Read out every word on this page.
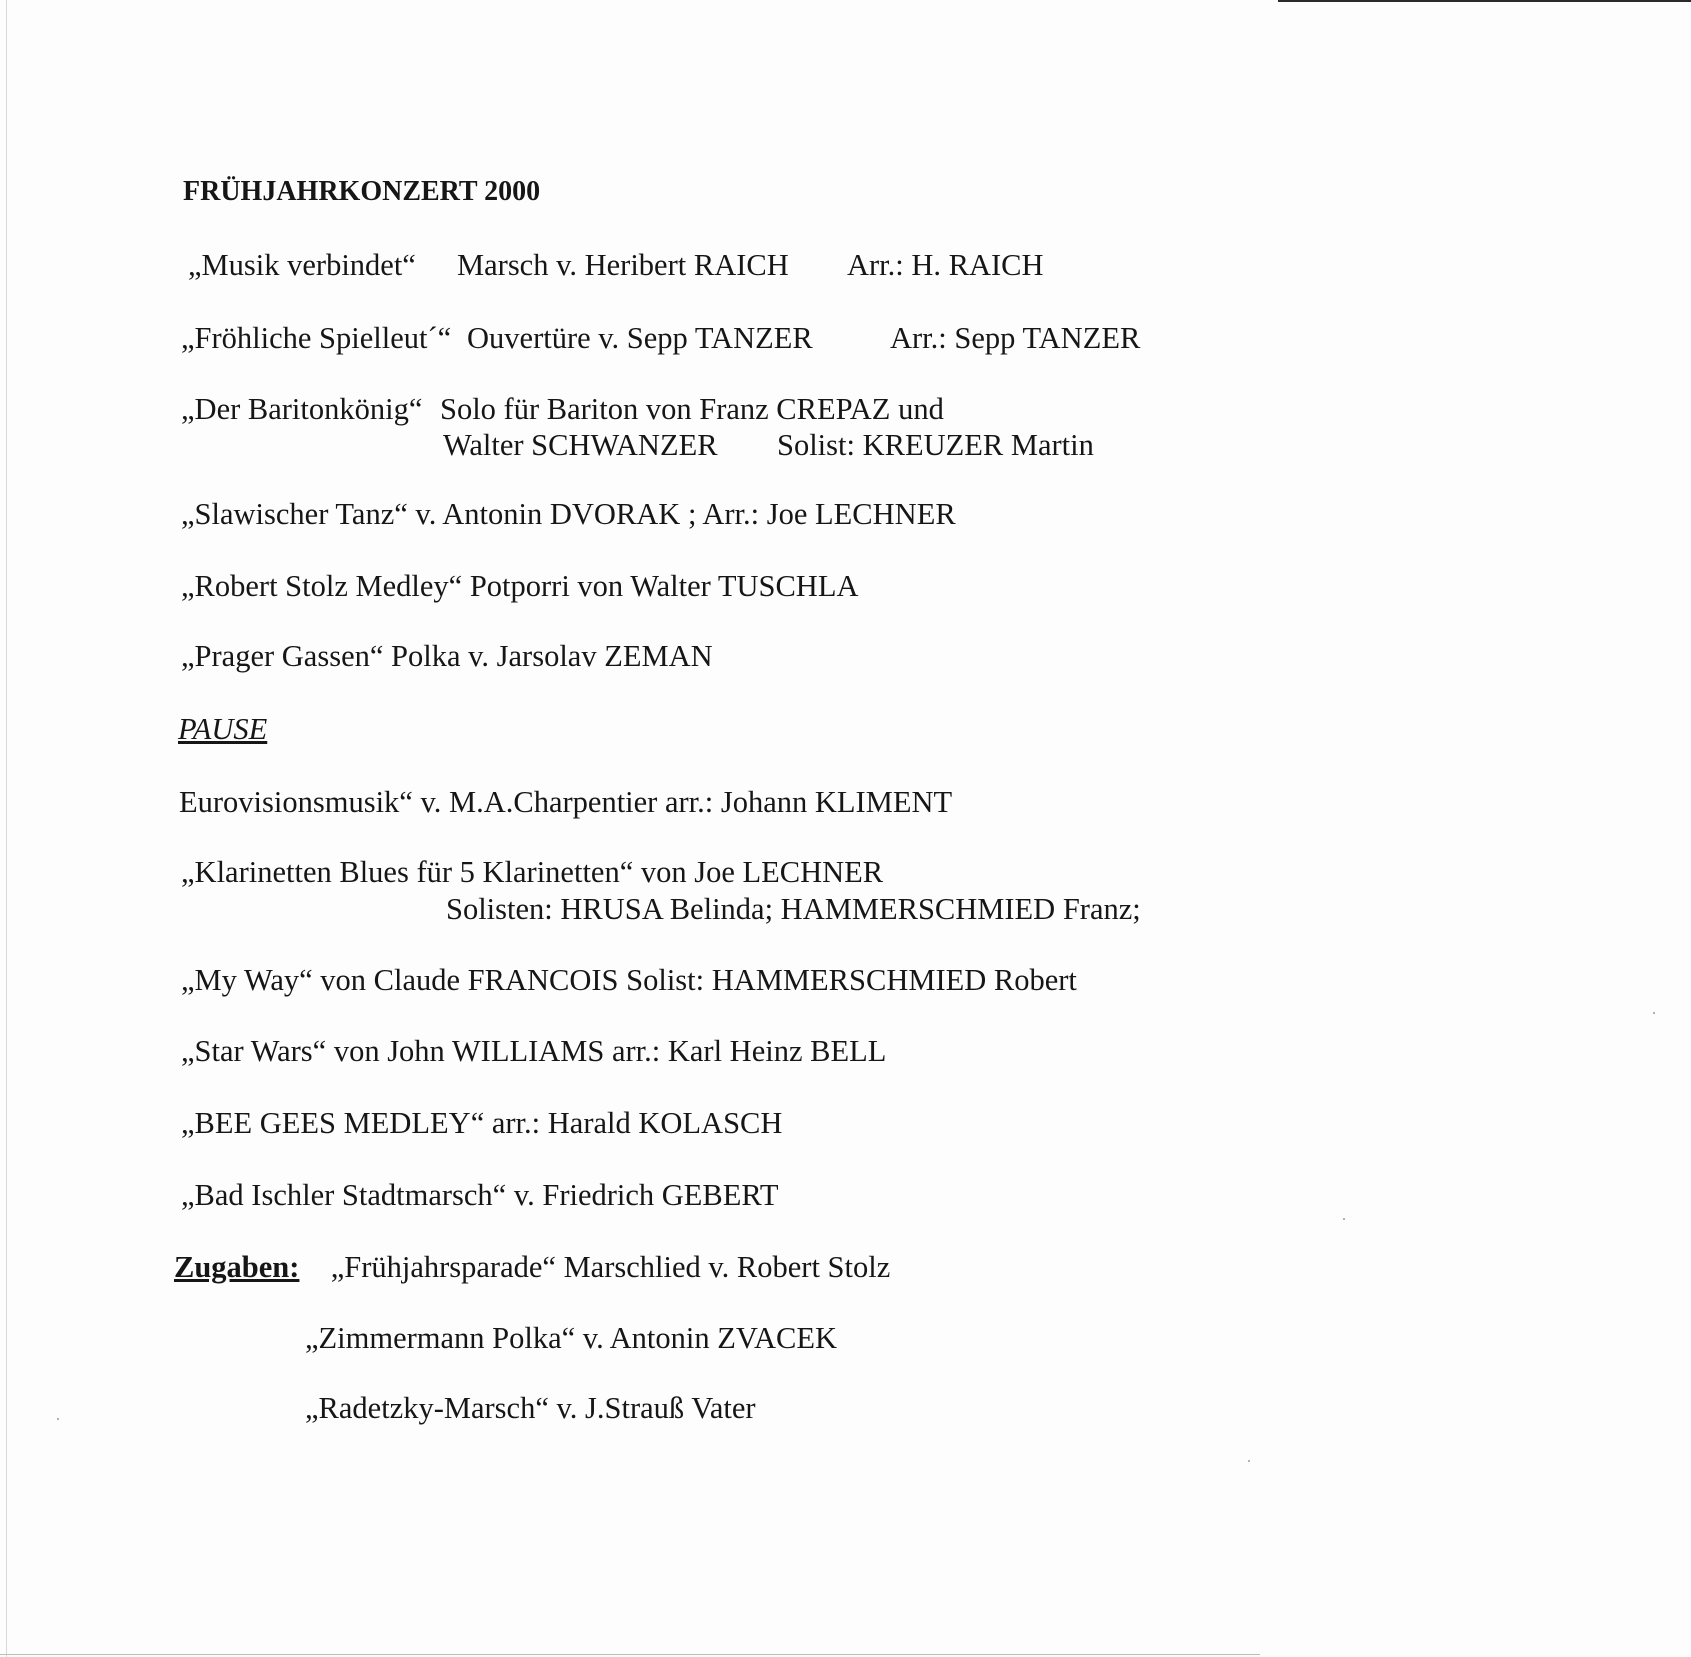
FRÜHJAHRKONZERT 2000
„Musik verbindet“ Marsch v. Heribert RAICH Arr.: H. RAICH
„Fröhliche Spielleut´“ Ouvertüre v. Sepp TANZER	Arr.: Sepp TANZER
„Der Baritonkönig“ Solo für Bariton von Franz CREPAZ und
Walter SCHWANZER Solist: KREUZER Martin
„Slawischer Tanz“ v. Antonin DVORAK ; Arr.: Joe LECHNER
„Robert Stolz Medley“ Potporri von Walter TUSCHLA
„Prager Gassen“ Polka v. Jarsolav ZEMAN
PAUSE
Eurovisionsmusik“ v. M.A.Charpentier arr.: Johann KLIMENT
„Klarinetten Blues für 5 Klarinetten“ von Joe LECHNER
Solisten: HRUSA Belinda; HAMMERSCHMIED Franz;
„My Way“ von Claude FRANCOIS Solist: HAMMERSCHMIED Robert
„Star Wars“ von John WILLIAMS arr.: Karl Heinz BELL
„BEE GEES MEDLEY“ arr.: Harald KOLASCH
„Bad Ischler Stadtmarsch“ v. Friedrich GEBERT
Zugaben: „Frühjahrsparade“ Marschlied v. Robert Stolz
„Zimmermann Polka“ v. Antonin ZVACEK
„Radetzky-Marsch“ v. J.Strauß Vater
